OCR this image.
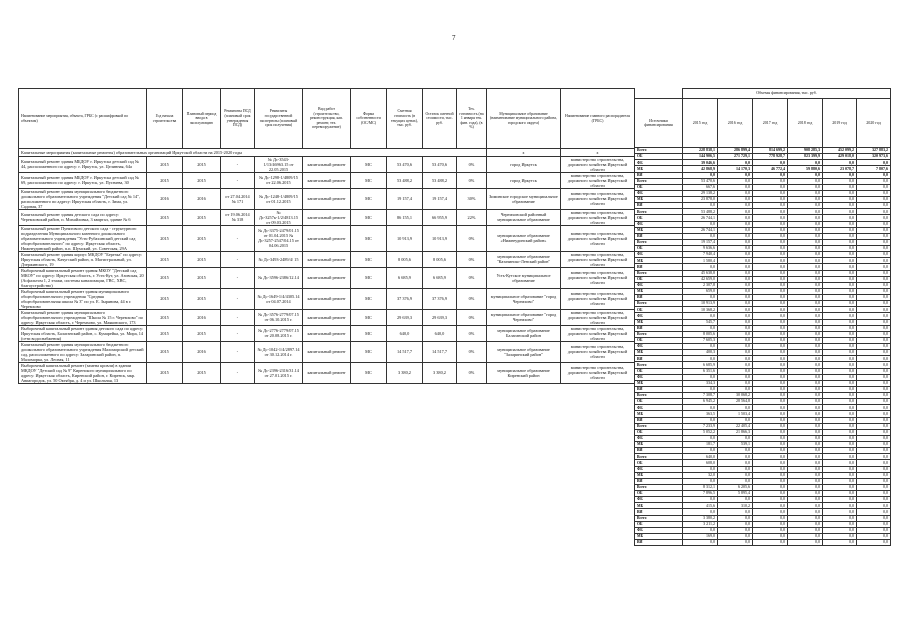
7
Наименование мероприятия, объекта, ГРБС (с расшифровкой по объектам)	Год начала строительства	Плановый период ввода в эксплуатацию	Реквизиты ПСД (плановый срок утверждения ПСД)	Реквизиты государственной экспертизы (плановый срок получения)	Вид работ (строительство, реконструкция, кап. ремонт, тех. перевооружение)	Форма собственности (ОС/МС)	Сметная стоимость (в текущих ценах), тыс. руб.	Остаток сметной стоимости, тыс. руб.	Тех. готовность (на 1 января тек. фин. года), (в %)	Муниципальное образование (наименование муниципального района, городского округа)	Наименование главного распорядителя (ГРБС)
Капитальные мероприятия (капитальные ремонты) образовательных организаций Иркутской области на 2015-2020 годы										х	х

Капитальный ремонт здания МБДОУ г. Иркутска детский сад № 44, расположенного по адресу: г. Иркутск, ул. Целинная, 64а	2015	2015	-	№ Дс-3543-1/13/46963.15 от 22.05.2015	капитальный ремонт	МС	53 470,6	53 470,6	0%	город Иркутск	министерство строительства, дорожного хозяйства Иркутской области

Капитальный ремонт здания МБДОУ г. Иркутска детский сад № 69, расположенного по адресу: г. Иркутск, ул. Пугачева, 30	2015	2015	-	№ Дс-1298-1/4809/15 от 22.06.2015	капитальный ремонт	МС	53 488,2	53 488,2	0%	город Иркутск	министерство строительства, дорожного хозяйства Иркутской области

Капитальный ремонт здания муниципального бюджетного дошкольного образовательного учреждения "Детский сад № 14", расположенного по адресу: Иркутская область, г. Зима, ул. Садовая, 37	2016	2016	от 27.04.2014 № 171	№ Дс-1248-1/4809/15 от 01.12.2015	капитальный ремонт	МС	19 157,4	19 157,4	30%	Зиминское городское муниципальное образование	министерство строительства, дорожного хозяйства Иркутской области

Капитальный ремонт здания детского сада по адресу: Черемховский район, п. Михайловка, 3 квартал, здание № 6	2015	2015	от 19.06.2014 № 318	№ Дс-3257к-1/2/4813.15 от 09.03.2015	капитальный ремонт	МС	86 155,1	66 955,9	22%	Черемховский районный муниципальное образование	министерство строительства, дорожного хозяйства Иркутской области

Капитальный ремонт Пунктового детского сада - структурного подразделения Муниципального казенного дошкольного образовательного учреждения "Усть-Рубахинский детский сад общеобразовательного" по адресу: Иркутская область, Нижнеудинский район, п.п. Шумский, ул. Советская, 29А	2015	2015	-	№ Дс-3375-2479/01.15 от 01.04.2015 № Дс-3257-2547/04.15 от 04.06.2015	капитальный ремонт	МС	10 913,9	10 913,9	0%	муниципальное образование «Нижнеудинский район»	министерство строительства, дорожного хозяйства Иркутской области

Капитальный ремонт здания корпус МКДОУ "Березка" по адресу: Иркутская область, Качугский район, п. Магистральный, ул. Дзержинского, 19	2015	2015	-	№ Дс-3493-2489/4/ 15	капитальный ремонт	МС	8 005,6	8 005,6	0%	муниципальное образование "Казачинско-Ленский район"	министерство строительства, дорожного хозяйства Иркутской области

Выборочный капитальный ремонт здания МКОУ "Детский сад МКОУ" по адресу: Иркутская область, г. Усть-Кут, ул. Азовская, 20 (Асфальтом 1, 2 этажи, системы канализации, ГВС, ХВС, благоустройство)	2015	2015	-	№ Дс-3596-2386/12.14	капитальный ремонт	МС	6 685,9	6 685,9	0%	Усть-Кутское муниципальное образование	министерство строительства, дорожного хозяйства Иркутской области

Выборочный капитальный ремонт здания муниципального общеобразовательного учреждения "Средняя общеобразовательная школа № 3" по ул. Е. Зырянова, 44 в г. Черемхово	2015	2015	-	№ Дс-1649-1/4/4305.14 от 04.07.2014	капитальный ремонт	МС	37 376,9	37 376,9	0%	муниципальное образование "город Черемхово"	министерство строительства, дорожного хозяйства Иркутской области

Капитальный ремонт здания муниципального общеобразовательного учреждения "Школа № 15 г. Черемхово" по адресу: Иркутская область, г. Черемхово, ул. Маяковского, 173	2015	2016	-	№ Дс-3576-2779/07.15 от 06.10.2015 г.	капитальный ремонт	МС	29 639,3	29 639,3	0%	муниципальное образование "город Черемхово"	министерство строительства, дорожного хозяйства Иркутской области

Выборочный капитальный ремонт здания детского сада по адресу: Иркутская область, Балаганский район, с. Кумарейка, ул. Мира, 14 (сети водоснабжения)	2015	2015	-	№ Дс-2776-2779/07.15 от 20.08.2015 г.	капитальный ремонт	МС	640,0	640,0	0%	муниципальное образование Балаганский район	министерство строительства, дорожного хозяйства Иркутской области

Капитальный ремонт здания муниципального бюджетного дошкольного образовательного учреждения Маломорский детский сад, расположенного по адресу: Заларинский район, п. Маломорка, ул. Лесная, 11	2015	2016	-	№ Дс-1042-1/4/2897.14 от 30.12.2014 г.	капитальный ремонт	МС	14 517,7	14 517,7	0%	муниципальное образование "Заларинский район"	министерство строительства, дорожного хозяйства Иркутской области

Выборочный капитальный ремонт (замена кровли) в здании МКДОУ "Детский сад № 9" Киренского муниципального по адресу: Иркутская область, Киренский район, г. Киренск, мкр. Авиагородок, ул. 50 Октября, д. 4 и ул. Школьная, 13	2015	2015	-	№ Дс-2396-2316/31.14 от 27.01.2015 г.	капитальный ремонт	МС	3 380,2	3 380,2	0%	муниципальное образование Киренский район	министерство строительства, дорожного хозяйства Иркутской области

	Объемы финансирования, тыс. руб.					
Источники финансирования	2015 год	2016 год	2017 год	2018 год	2019 год	2020 год
Всего	228 838,1	286 899,4	814 699,2	908 285,3	452 099,2	327 883,2
ОБ	144 906,5	271 729,1	778 928,7	823 399,9	429 018,0	320 973,6
ФБ	39 046,6	0,0	0,0	0,0	0,0	0,0
МБ	42 868,9	14 170,3	46 772,4	59 880,6	23 078,7	7 807,6
ВИ	0,0	0,0	0,0	0,0	0,0	0,0
Всего	53 470,6	0,0	0,0	0,0	0,0	0,0
ОБ	667,6	0,0	0,0	0,0	0,0	0,0
ФБ	29 138,2	0,0	0,0	0,0	0,0	0,0
МБ	23 878,0	0,0	0,0	0,0	0,0	0,0
ВИ	0,0	0,0	0,0	0,0	0,0	0,0
Всего	53 488,2	0,0	0,0	0,0	0,0	0,0
ОБ	26 744,1	0,0	0,0	0,0	0,0	0,0
ФБ	0,0	0,0	0,0	0,0	0,0	0,0
МБ	26 744,1	0,0	0,0	0,0	0,0	0,0
ВИ	0,0	0,0	0,0	0,0	0,0	0,0
Всего	19 157,4	0,0	0,0	0,0	0,0	0,0
ОБ	9 636,6	0,0	0,0	0,0	0,0	0,0
ФБ	7 940,4	0,0	0,0	0,0	0,0	0,0
МБ	1 580,4	0,0	0,0	0,0	0,0	0,0
ВИ	0,0	0,0	0,0	0,0	0,0	0,0
Всего	45 638,8	0,0	0,0	0,0	0,0	0,0
ОБ	42 659,0	0,0	0,0	0,0	0,0	0,0
ФБ	2 307,8	0,0	0,0	0,0	0,0	0,0
МБ	659,0	0,0	0,0	0,0	0,0	0,0
ВИ	0,0	0,0	0,0	0,0	0,0	0,0
Всего	10 913,9	0,0	0,0	0,0	0,0	0,0
ОБ	10 368,2	0,0	0,0	0,0	0,0	0,0
ФБ	0,0	0,0	0,0	0,0	0,0	0,0
МБ	545,7	0,0	0,0	0,0	0,0	0,0
ВИ	0,0	0,0	0,0	0,0	0,0	0,0
Всего	8 005,6	0,0	0,0	0,0	0,0	0,0
ОБ	7 605,3	0,0	0,0	0,0	0,0	0,0
ФБ	0,0	0,0	0,0	0,0	0,0	0,0
МБ	400,3	0,0	0,0	0,0	0,0	0,0
ВИ	0,0	0,0	0,0	0,0	0,0	0,0
Всего	6 685,9	0,0	0,0	0,0	0,0	0,0
ОБ	6 351,6	0,0	0,0	0,0	0,0	0,0
ФБ	0,0	0,0	0,0	0,0	0,0	0,0
МБ	334,3	0,0	0,0	0,0	0,0	0,0
ВИ	0,0	0,0	0,0	0,0	0,0	0,0
Всего	7 308,7	30 068,2	0,0	0,0	0,0	0,0
ОБ	6 945,2	28 564,8	0,0	0,0	0,0	0,0
ФБ	0,0	0,0	0,0	0,0	0,0	0,0
МБ	363,5	1 503,4	0,0	0,0	0,0	0,0
ВИ	0,0	0,0	0,0	0,0	0,0	0,0
Всего	7 233,9	22 405,4	0,0	0,0	0,0	0,0
ОБ	5 052,2	21 866,3	0,0	0,0	0,0	0,0
ФБ	0,0	0,0	0,0	0,0	0,0	0,0
МБ	181,7	539,1	0,0	0,0	0,0	0,0
ВИ	0,0	0,0	0,0	0,0	0,0	0,0
Всего	640,0	0,0	0,0	0,0	0,0	0,0
ОБ	608,0	0,0	0,0	0,0	0,0	0,0
ФБ	0,0	0,0	0,0	0,0	0,0	0,0
МБ	32,0	0,0	0,0	0,0	0,0	0,0
ВИ	0,0	0,0	0,0	0,0	0,0	0,0
Всего	8 312,1	6 205,6	0,0	0,0	0,0	0,0
ОБ	7 896,5	5 895,4	0,0	0,0	0,0	0,0
ФБ	0,0	0,0	0,0	0,0	0,0	0,0
МБ	415,6	310,2	0,0	0,0	0,0	0,0
ВИ	0,0	0,0	0,0	0,0	0,0	0,0
Всего	3 380,2	0,0	0,0	0,0	0,0	0,0
ОБ	3 211,2	0,0	0,0	0,0	0,0	0,0
ФБ	0,0	0,0	0,0	0,0	0,0	0,0
МБ	169,0	0,0	0,0	0,0	0,0	0,0
ВИ	0,0	0,0	0,0	0,0	0,0	0,0
